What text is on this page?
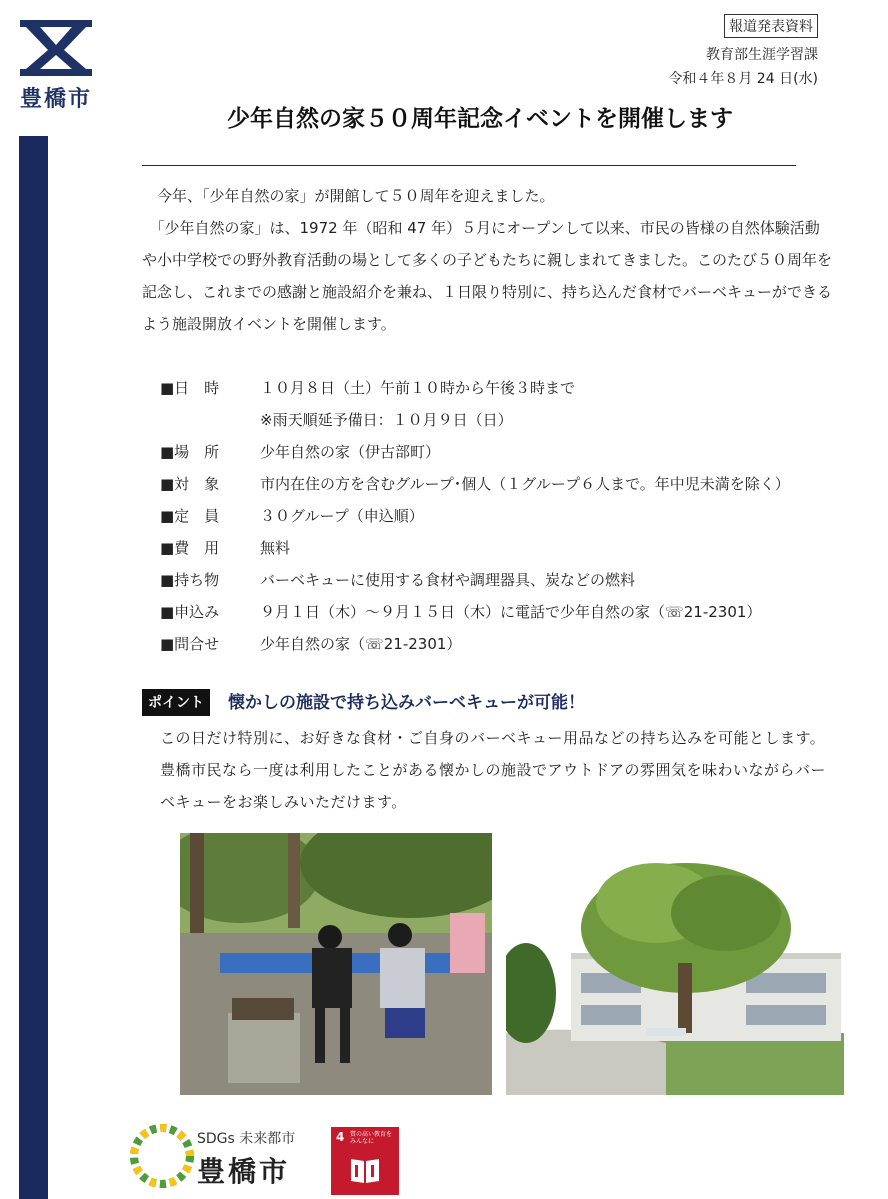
豊橋市
報道発表資料
教育部生涯学習課
令和４年８月 24 日(水)
少年自然の家５０周年記念イベントを開催します

　今年、「少年自然の家」が開館して５０周年を迎えました。

　「少年自然の家」は、1972 年（昭和 47 年）５月にオープンして以来、市民の皆様の自然体験活動や小中学校での野外教育活動の場として多くの子どもたちに親しまれてきました。このたび５０周年を記念し、これまでの感謝と施設紹介を兼ね、１日限り特別に、持ち込んだ食材でバーベキューができるよう施設開放イベントを開催します。

■日　時	１０月８日（土）午前１０時から午後３時まで
※雨天順延予備日：１０月９日（日）
■場　所	少年自然の家（伊古部町）
■対　象	市内在住の方を含むグループ･個人（１グループ６人まで。年中児未満を除く）
■定　員	３０グループ（申込順）
■費　用	無料
■持ち物	バーベキューに使用する食材や調理器具、炭などの燃料
■申込み	９月１日（木）～９月１５日（木）に電話で少年自然の家（☏21-2301）
■問合せ	少年自然の家（☏21-2301）
ポイント	懐かしの施設で持ち込みバーベキューが可能！

この日だけ特別に、お好きな食材・ご自身のバーベキュー用品などの持ち込みを可能とします。豊橋市民なら一度は利用したことがある懐かしの施設でアウトドアの雰囲気を味わいながらバーベキューをお楽しみいただけます。

SDGs 未来都市
豊橋市
4 質の高い教育をみんなに
